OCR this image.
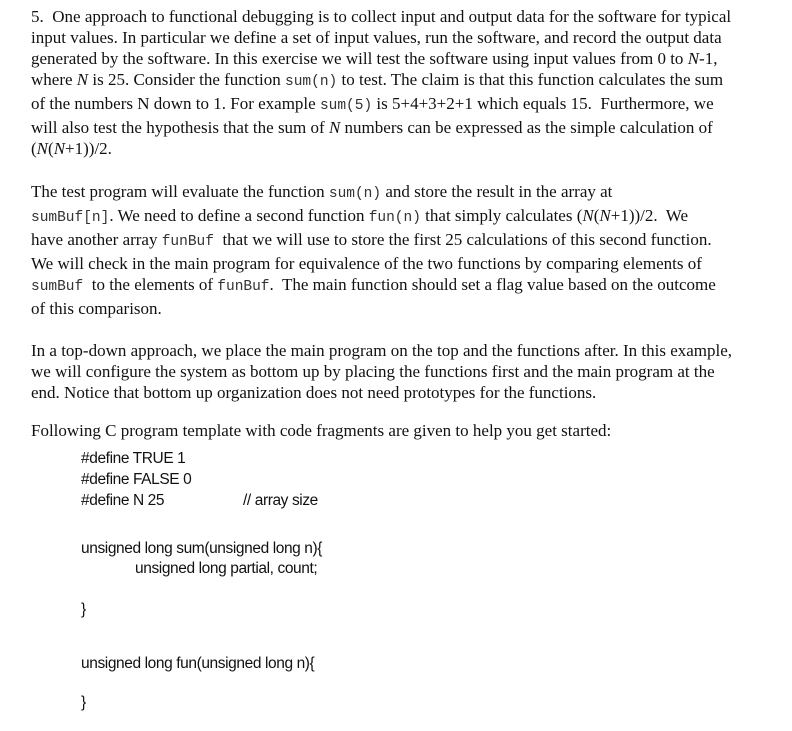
5.  One approach to functional debugging is to collect input and output data for the software for typical
input values. In particular we define a set of input values, run the software, and record the output data
generated by the software. In this exercise we will test the software using input values from 0 to N-1,
where N is 25. Consider the function sum(n) to test. The claim is that this function calculates the sum
of the numbers N down to 1. For example sum(5) is 5+4+3+2+1 which equals 15.  Furthermore, we
will also test the hypothesis that the sum of N numbers can be expressed as the simple calculation of
(N(N+1))/2.

The test program will evaluate the function sum(n) and store the result in the array at
sumBuf[n]. We need to define a second function fun(n) that simply calculates (N(N+1))/2.  We
have another array funBuf  that we will use to store the first 25 calculations of this second function.
We will check in the main program for equivalence of the two functions by comparing elements of
sumBuf  to the elements of funBuf.  The main function should set a flag value based on the outcome
of this comparison.

In a top-down approach, we place the main program on the top and the functions after. In this example,
we will configure the system as bottom up by placing the functions first and the main program at the
end. Notice that bottom up organization does not need prototypes for the functions.

Following C program template with code fragments are given to help you get started:

#define TRUE 1

#define FALSE 0

#define N 25

	// array size

unsigned long sum(unsigned long n){

unsigned long partial, count;

}

unsigned long fun(unsigned long n){

}
